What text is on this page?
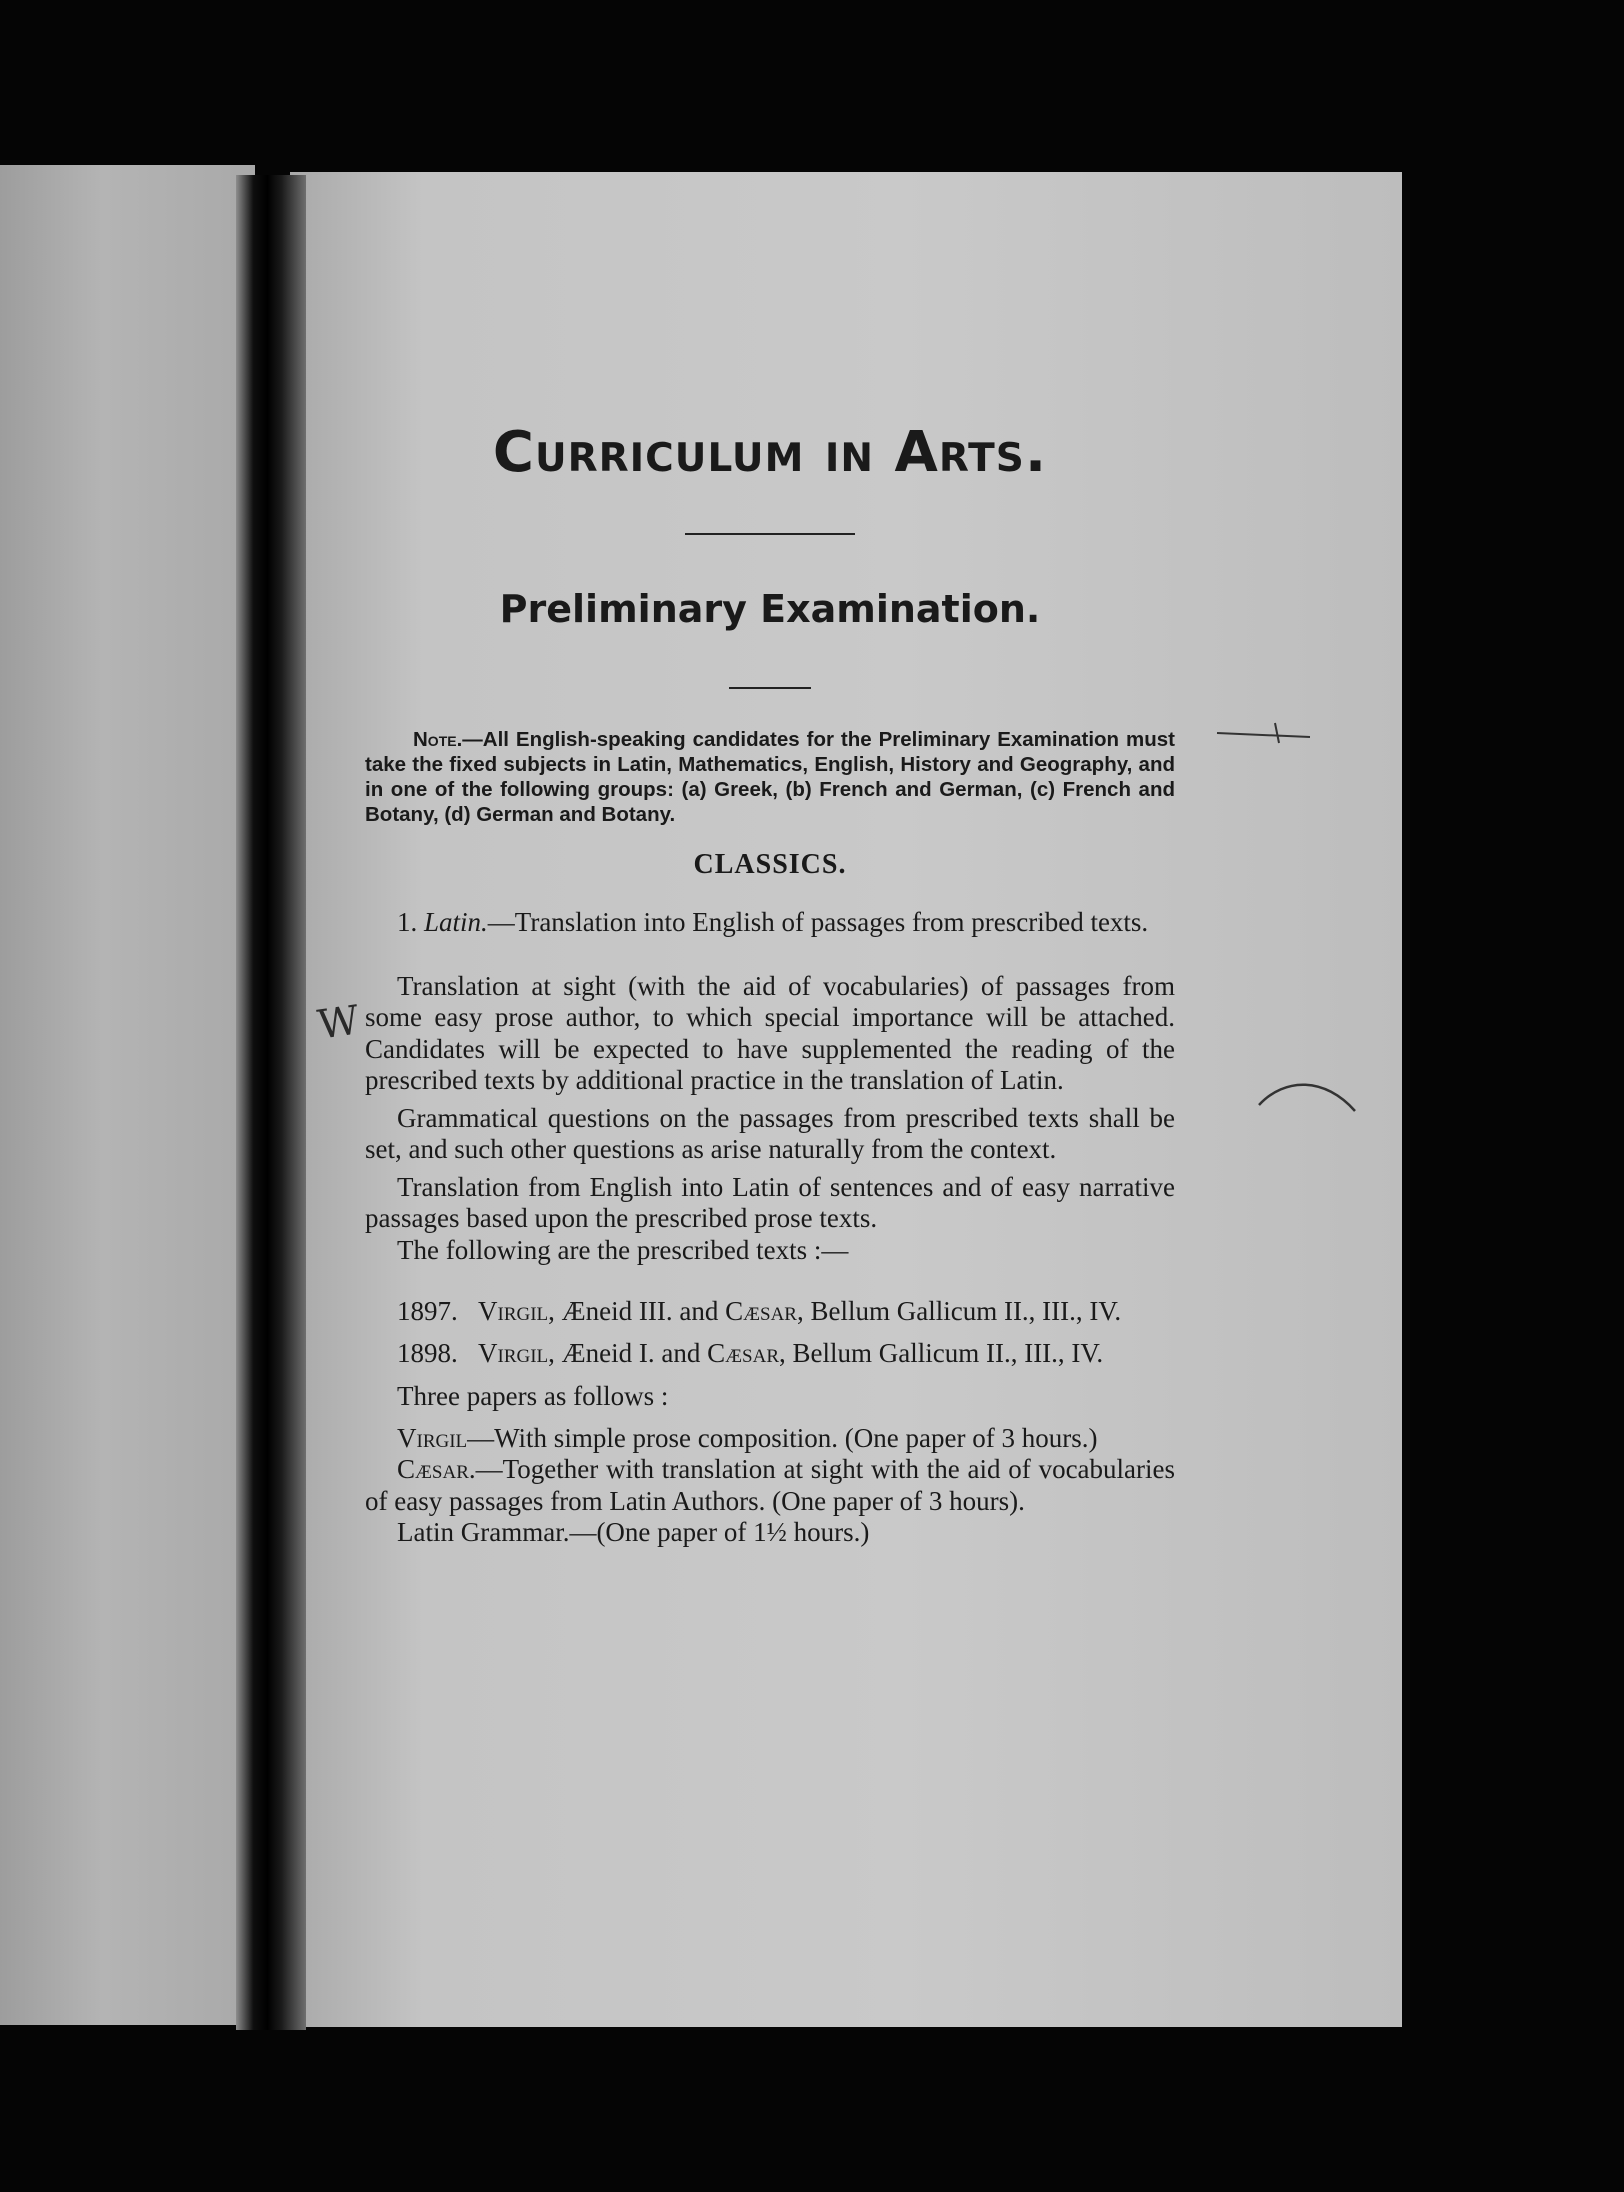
W
Curriculum in Arts.
Preliminary Examination.

Note.—All English-speaking candidates for the Preliminary Examination must take the fixed subjects in Latin, Mathematics, English, History and Geography, and in one of the following groups: (a) Greek, (b) French and German, (c) French and Botany, (d) German and Botany.

CLASSICS.

1. Latin.—Translation into English of passages from prescribed texts.

Translation at sight (with the aid of vocabularies) of passages from some easy prose author, to which special importance will be attached. Candidates will be expected to have supplemented the reading of the prescribed texts by additional practice in the translation of Latin.

Grammatical questions on the passages from prescribed texts shall be set, and such other questions as arise naturally from the context.

Translation from English into Latin of sentences and of easy narrative passages based upon the prescribed prose texts.

The following are the prescribed texts :—

1897. Virgil, Æneid III. and Cæsar, Bellum Gallicum II., III., IV.

1898. Virgil, Æneid I. and Cæsar, Bellum Gallicum II., III., IV.

Three papers as follows :

Virgil—With simple prose composition. (One paper of 3 hours.)

Cæsar.—Together with translation at sight with the aid of vocabularies of easy passages from Latin Authors. (One paper of 3 hours).

Latin Grammar.—(One paper of 1½ hours.)
